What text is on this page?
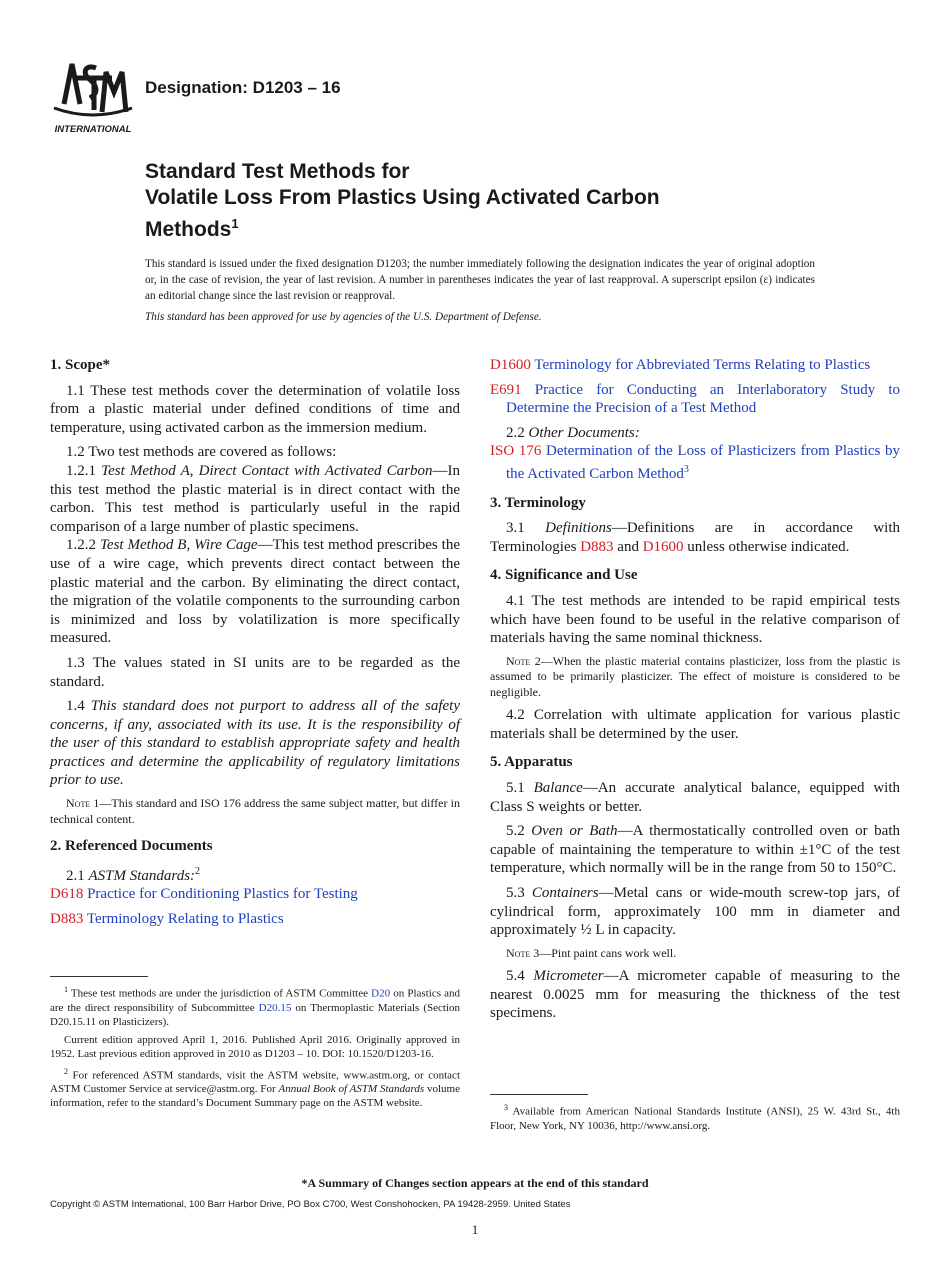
INTERNATIONAL
Designation: D1203 – 16
Standard Test Methods for
Volatile Loss From Plastics Using Activated Carbon
Methods$^1$
This standard is issued under the fixed designation D1203; the number immediately following the designation indicates the year of original adoption or, in the case of revision, the year of last revision. A number in parentheses indicates the year of last reapproval. A superscript epsilon (ε) indicates an editorial change since the last revision or reapproval.
This standard has been approved for use by agencies of the U.S. Department of Defense.
1. Scope*

1.1 These test methods cover the determination of volatile loss from a plastic material under defined conditions of time and temperature, using activated carbon as the immersion medium.

1.2 Two test methods are covered as follows:

1.2.1 Test Method A, Direct Contact with Activated Carbon—In this test method the plastic material is in direct contact with the carbon. This test method is particularly useful in the rapid comparison of a large number of plastic specimens.

1.2.2 Test Method B, Wire Cage—This test method prescribes the use of a wire cage, which prevents direct contact between the plastic material and the carbon. By eliminating the direct contact, the migration of the volatile components to the surrounding carbon is minimized and loss by volatilization is more specifically measured.

1.3 The values stated in SI units are to be regarded as the standard.

1.4 This standard does not purport to address all of the safety concerns, if any, associated with its use. It is the responsibility of the user of this standard to establish appropriate safety and health practices and determine the applicability of regulatory limitations prior to use.

Note 1—This standard and ISO 176 address the same subject matter, but differ in technical content.

2. Referenced Documents

2.1 ASTM Standards:$^2$

D618 Practice for Conditioning Plastics for Testing

D883 Terminology Relating to Plastics

$^1$ These test methods are under the jurisdiction of ASTM Committee D20 on Plastics and are the direct responsibility of Subcommittee D20.15 on Thermoplastic Materials (Section D20.15.11 on Plasticizers).

Current edition approved April 1, 2016. Published April 2016. Originally approved in 1952. Last previous edition approved in 2010 as D1203 – 10. DOI: 10.1520/D1203-16.

$^2$ For referenced ASTM standards, visit the ASTM website, www.astm.org, or contact ASTM Customer Service at service@astm.org. For Annual Book of ASTM Standards volume information, refer to the standard’s Document Summary page on the ASTM website.

D1600 Terminology for Abbreviated Terms Relating to Plastics

E691 Practice for Conducting an Interlaboratory Study to Determine the Precision of a Test Method

2.2 Other Documents:

ISO 176 Determination of the Loss of Plasticizers from Plastics by the Activated Carbon Method$^3$

3. Terminology

3.1 Definitions—Definitions are in accordance with Terminologies D883 and D1600 unless otherwise indicated.

4. Significance and Use

4.1 The test methods are intended to be rapid empirical tests which have been found to be useful in the relative comparison of materials having the same nominal thickness.

Note 2—When the plastic material contains plasticizer, loss from the plastic is assumed to be primarily plasticizer. The effect of moisture is considered to be negligible.

4.2 Correlation with ultimate application for various plastic materials shall be determined by the user.

5. Apparatus

5.1 Balance—An accurate analytical balance, equipped with Class S weights or better.

5.2 Oven or Bath—A thermostatically controlled oven or bath capable of maintaining the temperature to within ±1°C of the test temperature, which normally will be in the range from 50 to 150°C.

5.3 Containers—Metal cans or wide-mouth screw-top jars, of cylindrical form, approximately 100 mm in diameter and approximately ½ L in capacity.

Note 3—Pint paint cans work well.

5.4 Micrometer—A micrometer capable of measuring to the nearest 0.0025 mm for measuring the thickness of the test specimens.

$^3$ Available from American National Standards Institute (ANSI), 25 W. 43rd St., 4th Floor, New York, NY 10036, http://www.ansi.org.

*A Summary of Changes section appears at the end of this standard
Copyright © ASTM International, 100 Barr Harbor Drive, PO Box C700, West Conshohocken, PA 19428-2959. United States
1
